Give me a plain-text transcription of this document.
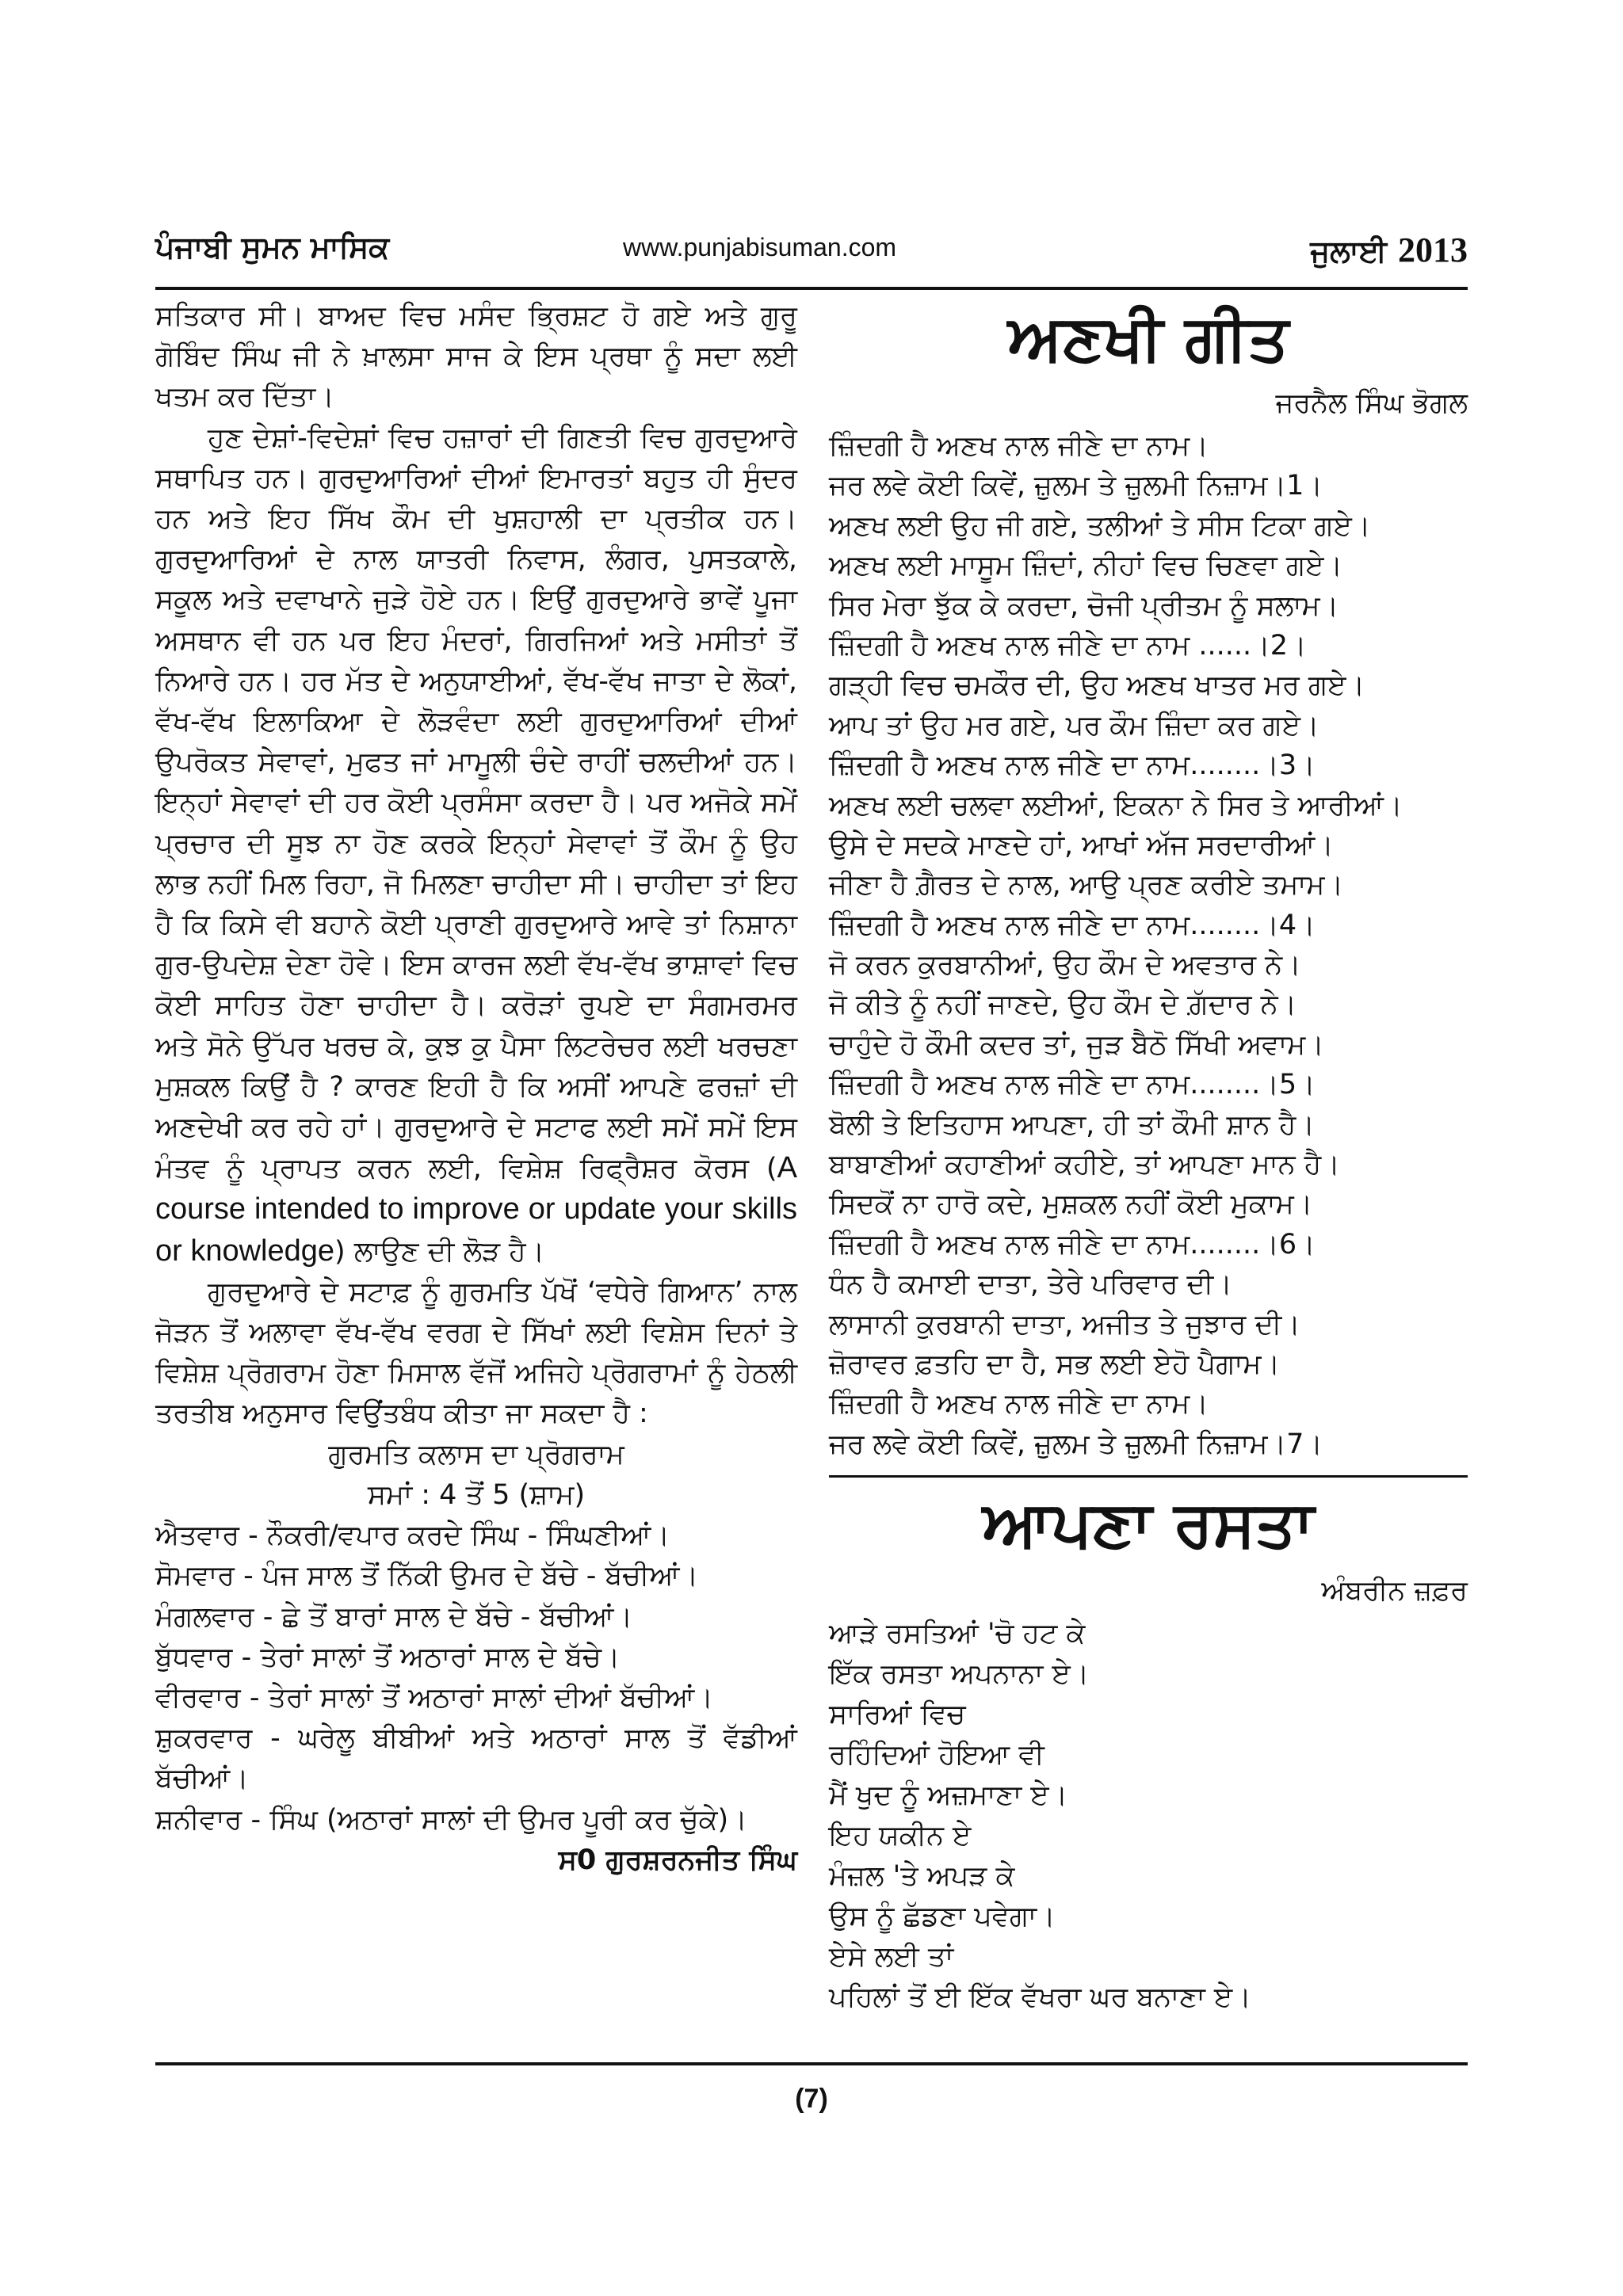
ਪੰਜਾਬੀ ਸੁਮਨ ਮਾਸਿਕ	www.punjabisuman.com	ਜੁਲਾਈ 2013

ਸਤਿਕਾਰ ਸੀ। ਬਾਅਦ ਵਿਚ ਮਸੰਦ ਭ੍ਰਿਸ਼ਟ ਹੋ ਗਏ ਅਤੇ ਗੁਰੂ ਗੋਬਿੰਦ ਸਿੰਘ ਜੀ ਨੇ ਖ਼ਾਲਸਾ ਸਾਜ ਕੇ ਇਸ ਪ੍ਰਥਾ ਨੂੰ ਸਦਾ ਲਈ ਖਤਮ ਕਰ ਦਿੱਤਾ।

ਹੁਣ ਦੇਸ਼ਾਂ-ਵਿਦੇਸ਼ਾਂ ਵਿਚ ਹਜ਼ਾਰਾਂ ਦੀ ਗਿਣਤੀ ਵਿਚ ਗੁਰਦੁਆਰੇ ਸਥਾਪਿਤ ਹਨ। ਗੁਰਦੁਆਰਿਆਂ ਦੀਆਂ ਇਮਾਰਤਾਂ ਬਹੁਤ ਹੀ ਸੁੰਦਰ ਹਨ ਅਤੇ ਇਹ ਸਿੱਖ ਕੌਮ ਦੀ ਖੁਸ਼ਹਾਲੀ ਦਾ ਪ੍ਰਤੀਕ ਹਨ। ਗੁਰਦੁਆਰਿਆਂ ਦੇ ਨਾਲ ਯਾਤਰੀ ਨਿਵਾਸ, ਲੰਗਰ, ਪੁਸਤਕਾਲੇ, ਸਕੂਲ ਅਤੇ ਦਵਾਖਾਨੇ ਜੁੜੇ ਹੋਏ ਹਨ। ਇਉਂ ਗੁਰਦੁਆਰੇ ਭਾਵੇਂ ਪੂਜਾ ਅਸਥਾਨ ਵੀ ਹਨ ਪਰ ਇਹ ਮੰਦਰਾਂ, ਗਿਰਜਿਆਂ ਅਤੇ ਮਸੀਤਾਂ ਤੋਂ ਨਿਆਰੇ ਹਨ। ਹਰ ਮੱਤ ਦੇ ਅਨੁਯਾਈਆਂ, ਵੱਖ-ਵੱਖ ਜਾਤਾ ਦੇ ਲੋਕਾਂ, ਵੱਖ-ਵੱਖ ਇਲਾਕਿਆ ਦੇ ਲੋੜਵੰਦਾ ਲਈ ਗੁਰਦੁਆਰਿਆਂ ਦੀਆਂ ਉਪਰੋਕਤ ਸੇਵਾਵਾਂ, ਮੁਫਤ ਜਾਂ ਮਾਮੂਲੀ ਚੰਦੇ ਰਾਹੀਂ ਚਲਦੀਆਂ ਹਨ। ਇਨ੍ਹਾਂ ਸੇਵਾਵਾਂ ਦੀ ਹਰ ਕੋਈ ਪ੍ਰਸੰਸਾ ਕਰਦਾ ਹੈ। ਪਰ ਅਜੋਕੇ ਸਮੇਂ ਪ੍ਰਚਾਰ ਦੀ ਸੂਝ ਨਾ ਹੋਣ ਕਰਕੇ ਇਨ੍ਹਾਂ ਸੇਵਾਵਾਂ ਤੋਂ ਕੌਮ ਨੂੰ ਉਹ ਲਾਭ ਨਹੀਂ ਮਿਲ ਰਿਹਾ, ਜੋ ਮਿਲਣਾ ਚਾਹੀਦਾ ਸੀ। ਚਾਹੀਦਾ ਤਾਂ ਇਹ ਹੈ ਕਿ ਕਿਸੇ ਵੀ ਬਹਾਨੇ ਕੋਈ ਪ੍ਰਾਣੀ ਗੁਰਦੁਆਰੇ ਆਵੇ ਤਾਂ ਨਿਸ਼ਾਨਾ ਗੁਰ-ਉਪਦੇਸ਼ ਦੇਣਾ ਹੋਵੇ। ਇਸ ਕਾਰਜ ਲਈ ਵੱਖ-ਵੱਖ ਭਾਸ਼ਾਵਾਂ ਵਿਚ ਕੋਈ ਸਾਹਿਤ ਹੋਣਾ ਚਾਹੀਦਾ ਹੈ। ਕਰੋੜਾਂ ਰੁਪਏ ਦਾ ਸੰਗਮਰਮਰ ਅਤੇ ਸੋਨੇ ਉੱਪਰ ਖਰਚ ਕੇ, ਕੁਝ ਕੁ ਪੈਸਾ ਲਿਟਰੇਚਰ ਲਈ ਖਰਚਣਾ ਮੁਸ਼ਕਲ ਕਿਉਂ ਹੈ ? ਕਾਰਣ ਇਹੀ ਹੈ ਕਿ ਅਸੀਂ ਆਪਣੇ ਫਰਜ਼ਾਂ ਦੀ ਅਣਦੇਖੀ ਕਰ ਰਹੇ ਹਾਂ। ਗੁਰਦੁਆਰੇ ਦੇ ਸਟਾਫ ਲਈ ਸਮੇਂ ਸਮੇਂ ਇਸ ਮੰਤਵ ਨੂੰ ਪ੍ਰਾਪਤ ਕਰਨ ਲਈ, ਵਿਸ਼ੇਸ਼ ਰਿਫ੍ਰੈਸ਼ਰ ਕੋਰਸ (A course intended to improve or update your skills or knowledge) ਲਾਉਣ ਦੀ ਲੋੜ ਹੈ।

ਗੁਰਦੁਆਰੇ ਦੇ ਸਟਾਫ਼ ਨੂੰ ਗੁਰਮਤਿ ਪੱਖੋਂ ‘ਵਧੇਰੇ ਗਿਆਨ’ ਨਾਲ ਜੋੜਨ ਤੋਂ ਅਲਾਵਾ ਵੱਖ-ਵੱਖ ਵਰਗ ਦੇ ਸਿੱਖਾਂ ਲਈ ਵਿਸ਼ੇਸ ਦਿਨਾਂ ਤੇ ਵਿਸ਼ੇਸ਼ ਪ੍ਰੋਗਰਾਮ ਹੋਣਾ ਮਿਸਾਲ ਵੱਜੋਂ ਅਜਿਹੇ ਪ੍ਰੋਗਰਾਮਾਂ ਨੂੰ ਹੇਠਲੀ ਤਰਤੀਬ ਅਨੁਸਾਰ ਵਿਉਂਤਬੰਧ ਕੀਤਾ ਜਾ ਸਕਦਾ ਹੈ :

ਗੁਰਮਤਿ ਕਲਾਸ ਦਾ ਪ੍ਰੋਗਰਾਮ

ਸਮਾਂ : 4 ਤੋਂ 5 (ਸ਼ਾਮ)

ਐਤਵਾਰ - ਨੌਕਰੀ/ਵਪਾਰ ਕਰਦੇ ਸਿੰਘ - ਸਿੰਘਣੀਆਂ।

ਸੋਮਵਾਰ - ਪੰਜ ਸਾਲ ਤੋਂ ਨਿੱਕੀ ਉਮਰ ਦੇ ਬੱਚੇ - ਬੱਚੀਆਂ।

ਮੰਗਲਵਾਰ - ਛੇ ਤੋਂ ਬਾਰਾਂ ਸਾਲ ਦੇ ਬੱਚੇ - ਬੱਚੀਆਂ।

ਬੁੱਧਵਾਰ - ਤੇਰਾਂ ਸਾਲਾਂ ਤੋਂ ਅਠਾਰਾਂ ਸਾਲ ਦੇ ਬੱਚੇ।

ਵੀਰਵਾਰ - ਤੇਰਾਂ ਸਾਲਾਂ ਤੋਂ ਅਠਾਰਾਂ ਸਾਲਾਂ ਦੀਆਂ ਬੱਚੀਆਂ।

ਸ਼ੁਕਰਵਾਰ - ਘਰੇਲੂ ਬੀਬੀਆਂ ਅਤੇ ਅਠਾਰਾਂ ਸਾਲ ਤੋਂ ਵੱਡੀਆਂ ਬੱਚੀਆਂ।

ਸ਼ਨੀਵਾਰ - ਸਿੰਘ (ਅਠਾਰਾਂ ਸਾਲਾਂ ਦੀ ਉਮਰ ਪੂਰੀ ਕਰ ਚੁੱਕੇ)।

ਸ0 ਗੁਰਸ਼ਰਨਜੀਤ ਸਿੰਘ

ਅਣਖੀ ਗੀਤ

ਜਰਨੈਲ ਸਿੰਘ ਭੋਗਲ

ਜ਼ਿੰਦਗੀ ਹੈ ਅਣਖ ਨਾਲ ਜੀਣੇ ਦਾ ਨਾਮ।
ਜਰ ਲਵੇ ਕੋਈ ਕਿਵੇਂ, ਜ਼ੁਲਮ ਤੇ ਜ਼ੁਲਮੀ ਨਿਜ਼ਾਮ।1।
ਅਣਖ ਲਈ ਉਹ ਜੀ ਗਏ, ਤਲੀਆਂ ਤੇ ਸੀਸ ਟਿਕਾ ਗਏ।
ਅਣਖ ਲਈ ਮਾਸੂਮ ਜ਼ਿੰਦਾਂ, ਨੀਹਾਂ ਵਿਚ ਚਿਣਵਾ ਗਏ।
ਸਿਰ ਮੇਰਾ ਝੁੱਕ ਕੇ ਕਰਦਾ, ਚੋਜੀ ਪ੍ਰੀਤਮ ਨੂੰ ਸਲਾਮ।
ਜ਼ਿੰਦਗੀ ਹੈ ਅਣਖ ਨਾਲ ਜੀਣੇ ਦਾ ਨਾਮ ......।2।
ਗੜ੍ਹੀ ਵਿਚ ਚਮਕੌਰ ਦੀ, ਉਹ ਅਣਖ ਖਾਤਰ ਮਰ ਗਏ।
ਆਪ ਤਾਂ ਉਹ ਮਰ ਗਏ, ਪਰ ਕੌਮ ਜ਼ਿੰਦਾ ਕਰ ਗਏ।
ਜ਼ਿੰਦਗੀ ਹੈ ਅਣਖ ਨਾਲ ਜੀਣੇ ਦਾ ਨਾਮ........।3।
ਅਣਖ ਲਈ ਚਲਵਾ ਲਈਆਂ, ਇਕਨਾ ਨੇ ਸਿਰ ਤੇ ਆਰੀਆਂ।
ਉਸੇ ਦੇ ਸਦਕੇ ਮਾਣਦੇ ਹਾਂ, ਆਖਾਂ ਅੱਜ ਸਰਦਾਰੀਆਂ।
ਜੀਣਾ ਹੈ ਗ਼ੈਰਤ ਦੇ ਨਾਲ, ਆਉ ਪ੍ਰਣ ਕਰੀਏ ਤਮਾਮ।
ਜ਼ਿੰਦਗੀ ਹੈ ਅਣਖ ਨਾਲ ਜੀਣੇ ਦਾ ਨਾਮ........।4।
ਜੋ ਕਰਨ ਕੁਰਬਾਨੀਆਂ, ਉਹ ਕੌਮ ਦੇ ਅਵਤਾਰ ਨੇ।
ਜੋ ਕੀਤੇ ਨੂੰ ਨਹੀਂ ਜਾਣਦੇ, ਉਹ ਕੌਮ ਦੇ ਗ਼ੱਦਾਰ ਨੇ।
ਚਾਹੁੰਦੇ ਹੋ ਕੌਮੀ ਕਦਰ ਤਾਂ, ਜੁੜ ਬੈਠੋ ਸਿੱਖੀ ਅਵਾਮ।
ਜ਼ਿੰਦਗੀ ਹੈ ਅਣਖ ਨਾਲ ਜੀਣੇ ਦਾ ਨਾਮ........।5।
ਬੋਲੀ ਤੇ ਇਤਿਹਾਸ ਆਪਣਾ, ਹੀ ਤਾਂ ਕੌਮੀ ਸ਼ਾਨ ਹੈ।
ਬਾਬਾਣੀਆਂ ਕਹਾਣੀਆਂ ਕਹੀਏ, ਤਾਂ ਆਪਣਾ ਮਾਨ ਹੈ।
ਸਿਦਕੋਂ ਨਾ ਹਾਰੋ ਕਦੇ, ਮੁਸ਼ਕਲ ਨਹੀਂ ਕੋਈ ਮੁਕਾਮ।
ਜ਼ਿੰਦਗੀ ਹੈ ਅਣਖ ਨਾਲ ਜੀਣੇ ਦਾ ਨਾਮ........।6।
ਧੰਨ ਹੈ ਕਮਾਈ ਦਾਤਾ, ਤੇਰੇ ਪਰਿਵਾਰ ਦੀ।
ਲਾਸਾਨੀ ਕੁਰਬਾਨੀ ਦਾਤਾ, ਅਜੀਤ ਤੇ ਜੁਝਾਰ ਦੀ।
ਜ਼ੋਰਾਵਰ ਫ਼ਤਹਿ ਦਾ ਹੈ, ਸਭ ਲਈ ਏਹੋ ਪੈਗਾਮ।
ਜ਼ਿੰਦਗੀ ਹੈ ਅਣਖ ਨਾਲ ਜੀਣੇ ਦਾ ਨਾਮ।
ਜਰ ਲਵੇ ਕੋਈ ਕਿਵੇਂ, ਜ਼ੁਲਮ ਤੇ ਜ਼ੁਲਮੀ ਨਿਜ਼ਾਮ।7।
ਆਪਣਾ ਰਸਤਾ

ਅੰਬਰੀਨ ਜ਼ਫ਼ਰ

ਆੜੇ ਰਸਤਿਆਂ 'ਚੋ ਹਟ ਕੇ
ਇੱਕ ਰਸਤਾ ਅਪਨਾਨਾ ਏ।
ਸਾਰਿਆਂ ਵਿਚ
ਰਹਿੰਦਿਆਂ ਹੋਇਆ ਵੀ
ਮੈਂ ਖੁਦ ਨੂੰ ਅਜ਼ਮਾਣਾ ਏ।
ਇਹ ਯਕੀਨ ਏ
ਮੰਜ਼ਲ 'ਤੇ ਅਪੜ ਕੇ
ਉਸ ਨੂੰ ਛੱਡਣਾ ਪਵੇਗਾ।
ਏਸੇ ਲਈ ਤਾਂ
ਪਹਿਲਾਂ ਤੋਂ ਈ ਇੱਕ ਵੱਖਰਾ ਘਰ ਬਨਾਣਾ ਏ।
(7)
